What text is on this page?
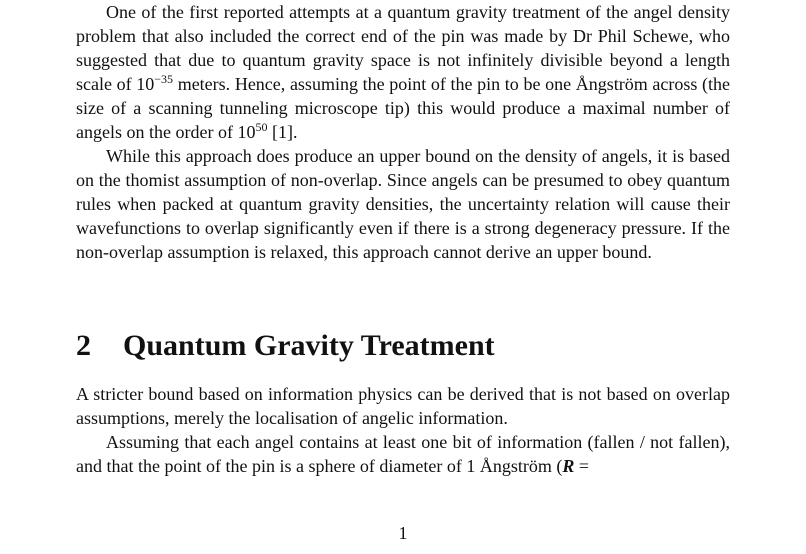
One of the first reported attempts at a quantum gravity treatment of the angel density problem that also included the correct end of the pin was made by Dr Phil Schewe, who suggested that due to quantum gravity space is not infinitely divisible beyond a length scale of $10^{-35}$ meters. Hence, assuming the point of the pin to be one Ångström across (the size of a scanning tunneling microscope tip) this would produce a maximal number of angels on the order of $10^{50}$ [1].

While this approach does produce an upper bound on the density of angels, it is based on the thomist assumption of non-overlap. Since angels can be presumed to obey quantum rules when packed at quantum gravity densities, the uncertainty relation will cause their wavefunctions to overlap significantly even if there is a strong degeneracy pressure. If the non-overlap assumption is relaxed, this approach cannot derive an upper bound.

2 Quantum Gravity Treatment

A stricter bound based on information physics can be derived that is not based on overlap assumptions, merely the localisation of angelic information.

Assuming that each angel contains at least one bit of information (fallen / not fallen), and that the point of the pin is a sphere of diameter of 1 Ångström (R =

1
